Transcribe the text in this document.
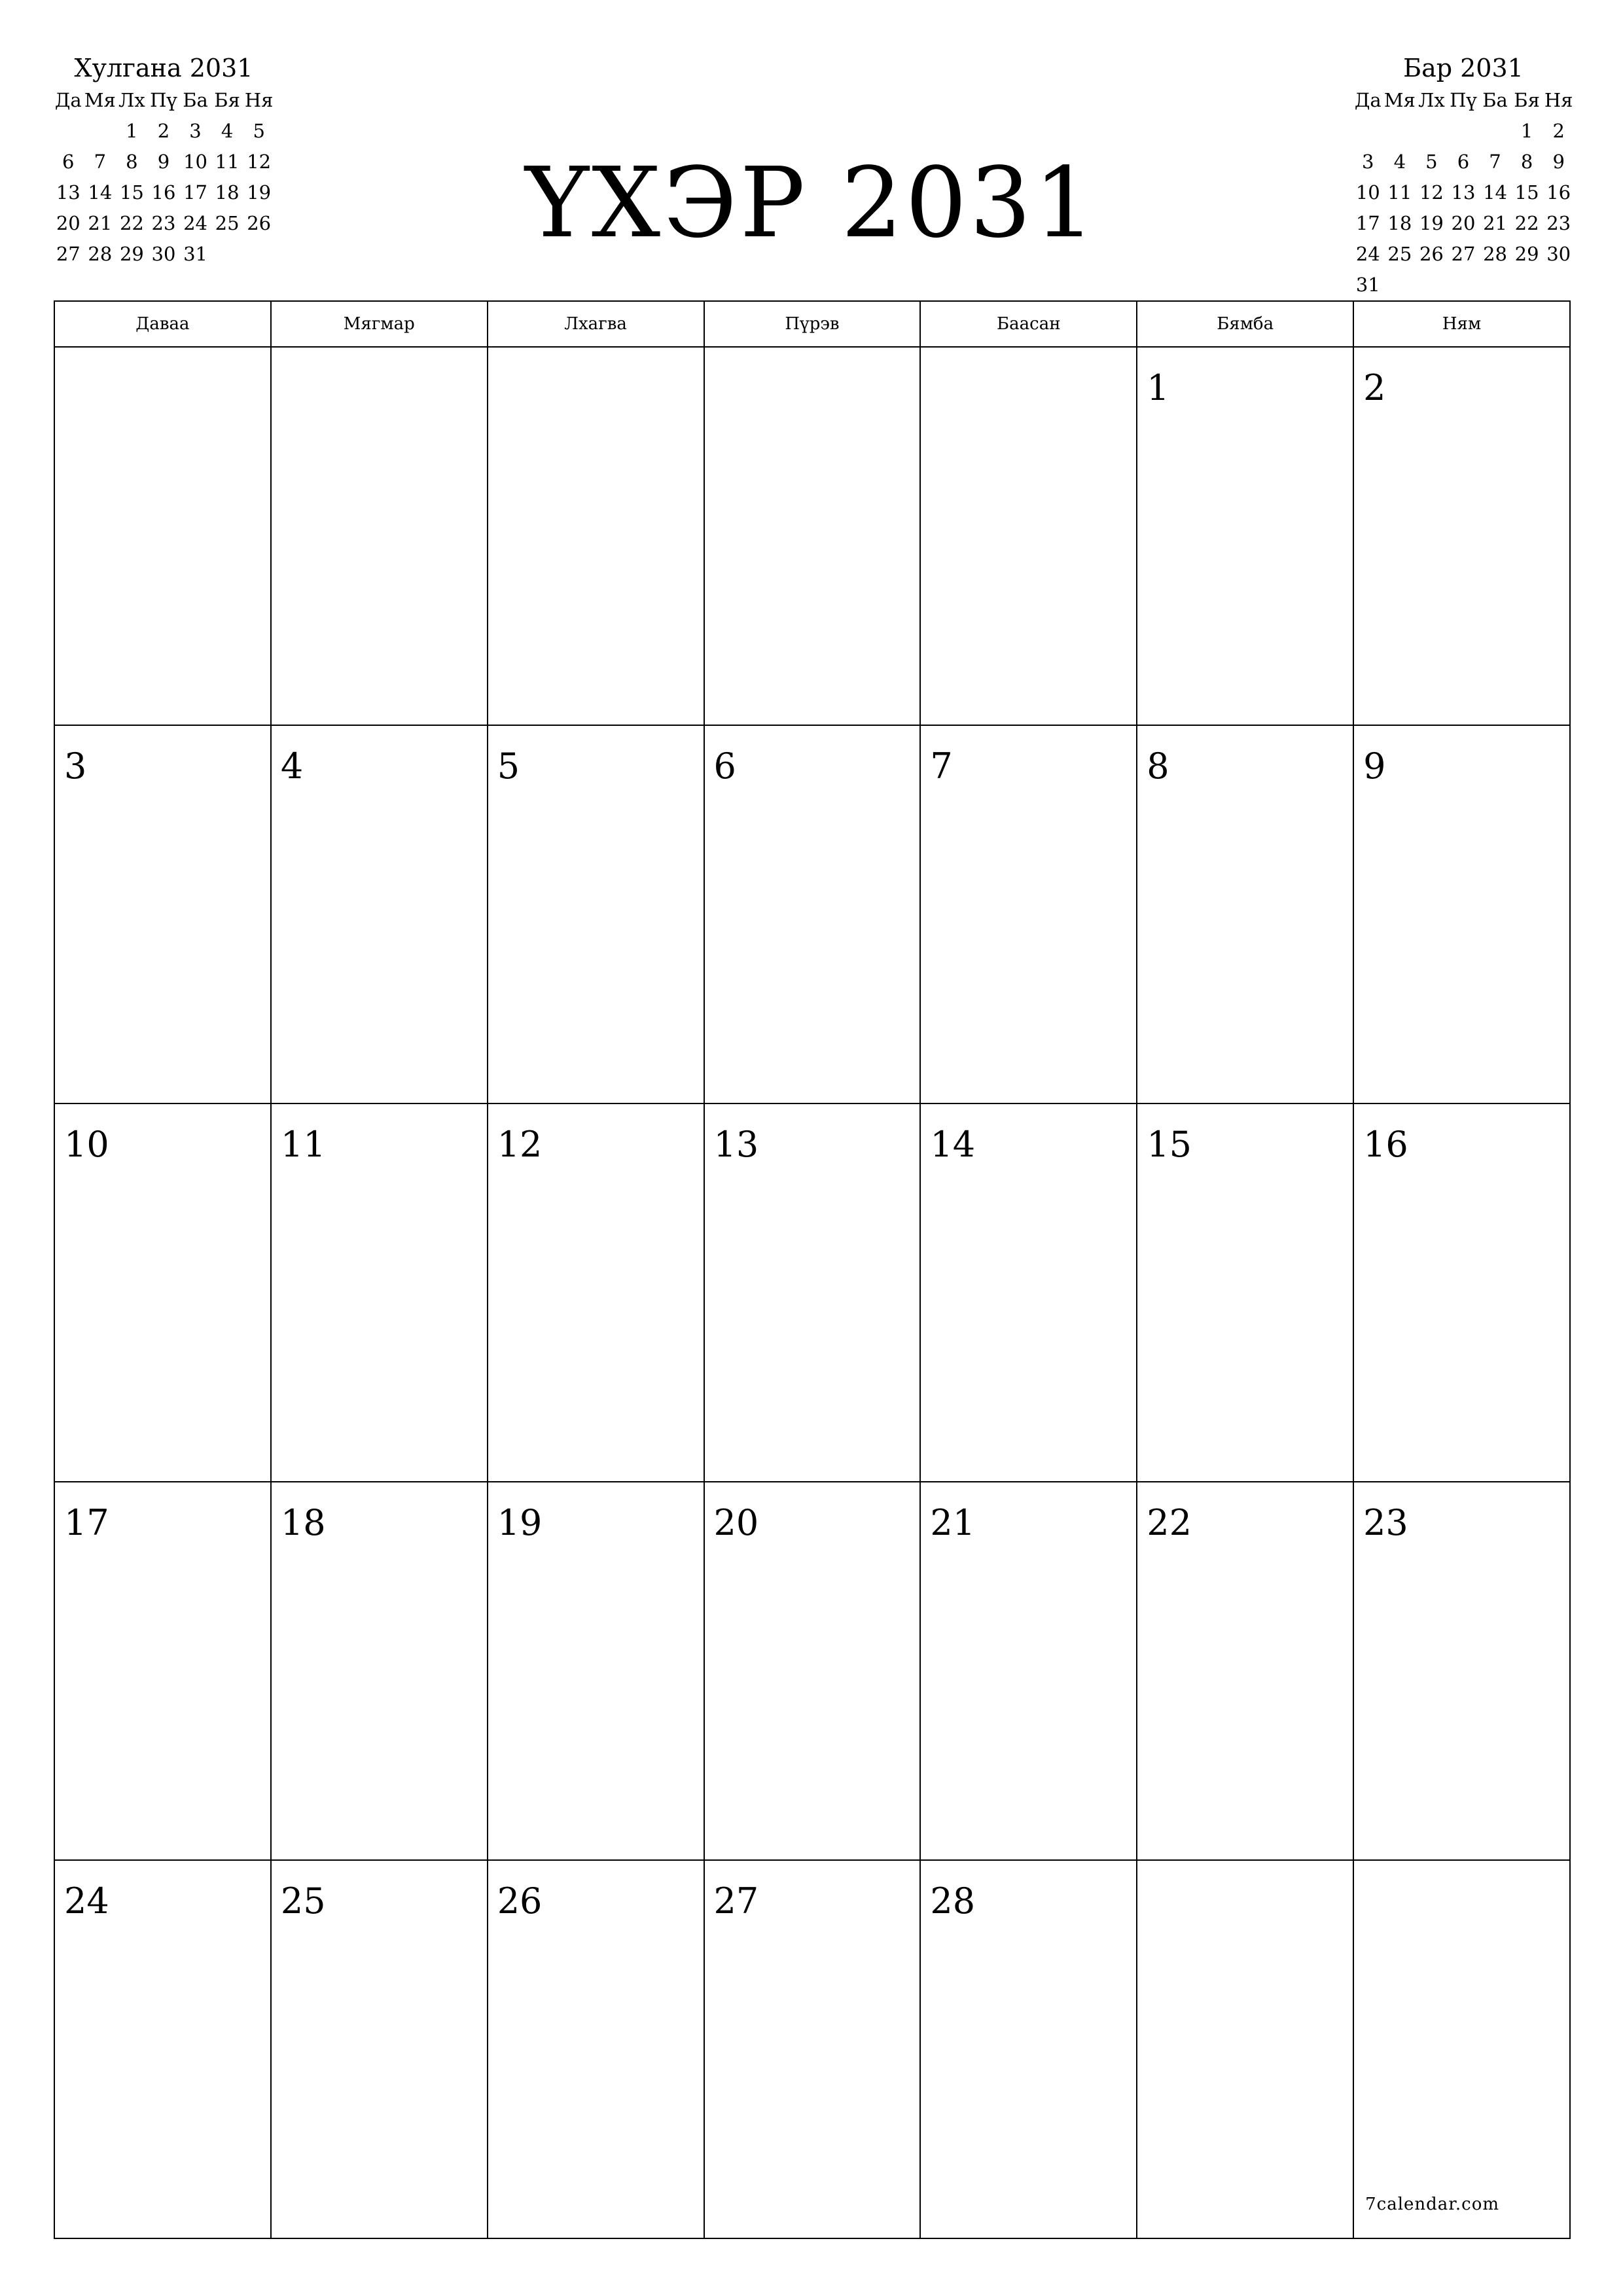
Хулгана 2031
Да	Мя	Лх	Пү	Ба	Бя	Ня
		1	2	3	4	5
6	7	8	9	10	11	12
13	14	15	16	17	18	19
20	21	22	23	24	25	26
27	28	29	30	31			ҮХЭР 2031
Бар 2031
Да	Мя	Лх	Пү	Ба	Бя	Ня
					1	2
3	4	5	6	7	8	9
10	11	12	13	14	15	16
17	18	19	20	21	22	23
24	25	26	27	28	29	30
31						
Даваа	Мягмар	Лхагва	Пүрэв	Баасан	Бямба	Ням

					1	2

3	4	5	6	7	8	9

10	11	12	13	14	15	16

17	18	19	20	21	22	23

24	25	26	27	28		7calendar.com
